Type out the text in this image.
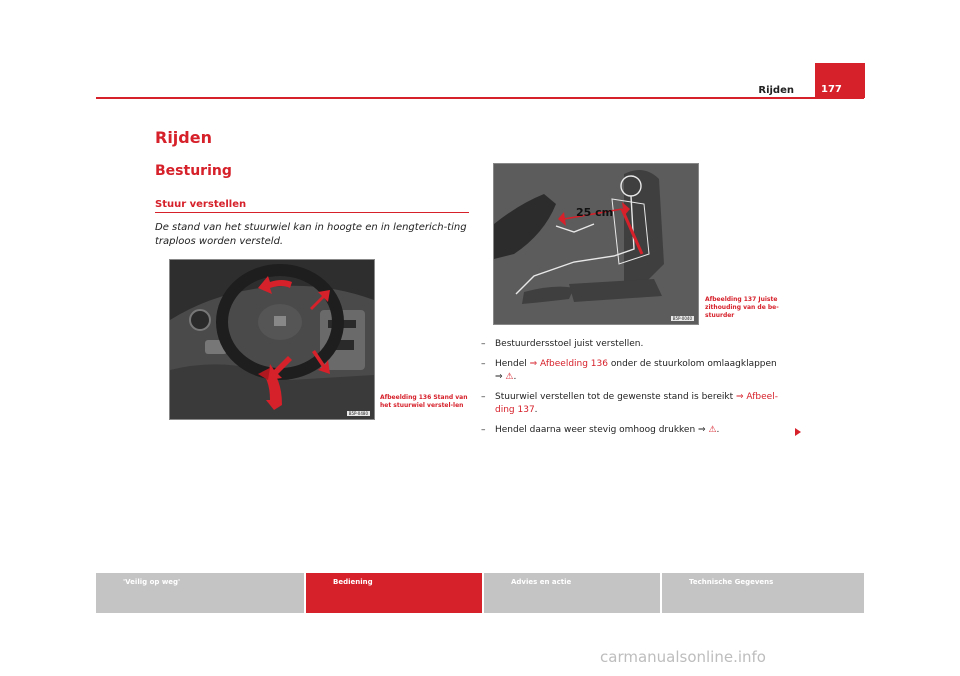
Rijden	177
Rijden
Besturing
Stuur verstellen
De stand van het stuurwiel kan in hoogte en in lengterich-ting traploos worden versteld.
B5P-0480
Afbeelding 136 Stand van het stuurwiel verstel-len
25 cm
B5P-0040
Afbeelding 137 Juiste zithouding van de be-stuurder
– Bestuurdersstoel juist verstellen.
– Hendel ⇒ Afbeelding 136 onder de stuurkolom omlaagklappen
⇒ ⚠.
– Stuurwiel verstellen tot de gewenste stand is bereikt ⇒ Afbeel-ding 137.
– Hendel daarna weer stevig omhoog drukken ⇒ ⚠.
'Veilig op weg'	Bediening	Advies en actie	Technische Gegevens
carmanualsonline.info
